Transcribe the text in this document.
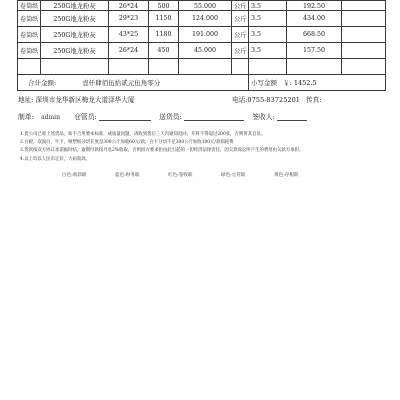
卷筒纸	250G地龙粉灰	26*24	500	55.000	公斤	3.5	192.50	
卷筒纸	250G地龙粉灰	29*23	1150	124.000	公斤	3.5	434.00	
卷筒纸	250G地龙粉灰	43*25	1180	191.000	公斤	3.5	668.50	
卷筒纸	250G地龙粉灰	26*24	450	45.000	公斤	3.5	157.50	

合计金额: 壹仟肆佰伍拾贰元伍角零分						小写金额 ￥: 1452.5		
地址: 深圳市龙华新区梅龙大道泽华大厦	电话:0755-83725201 传真:
制单: admin 仓管员:	送货员:	签收人:
1.贵公司已收上述货品，如不合用要本标准，或质量问题，请收到货后三天内通知退回，开料不得超过200张，否则将其自负。
2.白板、双面白、牛卡、哑塑纸分切长度是300公斤加收60元/款，白卡分切不足300公斤加收100元/款损耗费
3.货款按双方协议承诺据时结，逾期付款按月息2%收取，否则因方要求拒由此引起的一切经济法律责任，因欠款诉讼所产生的费用由欠款方承担。
4.以上均以人民币定价，大码收款。
白色:收款联	蓝色:财务联	红色:签收联	绿色:仓管联	黄色:存根联
